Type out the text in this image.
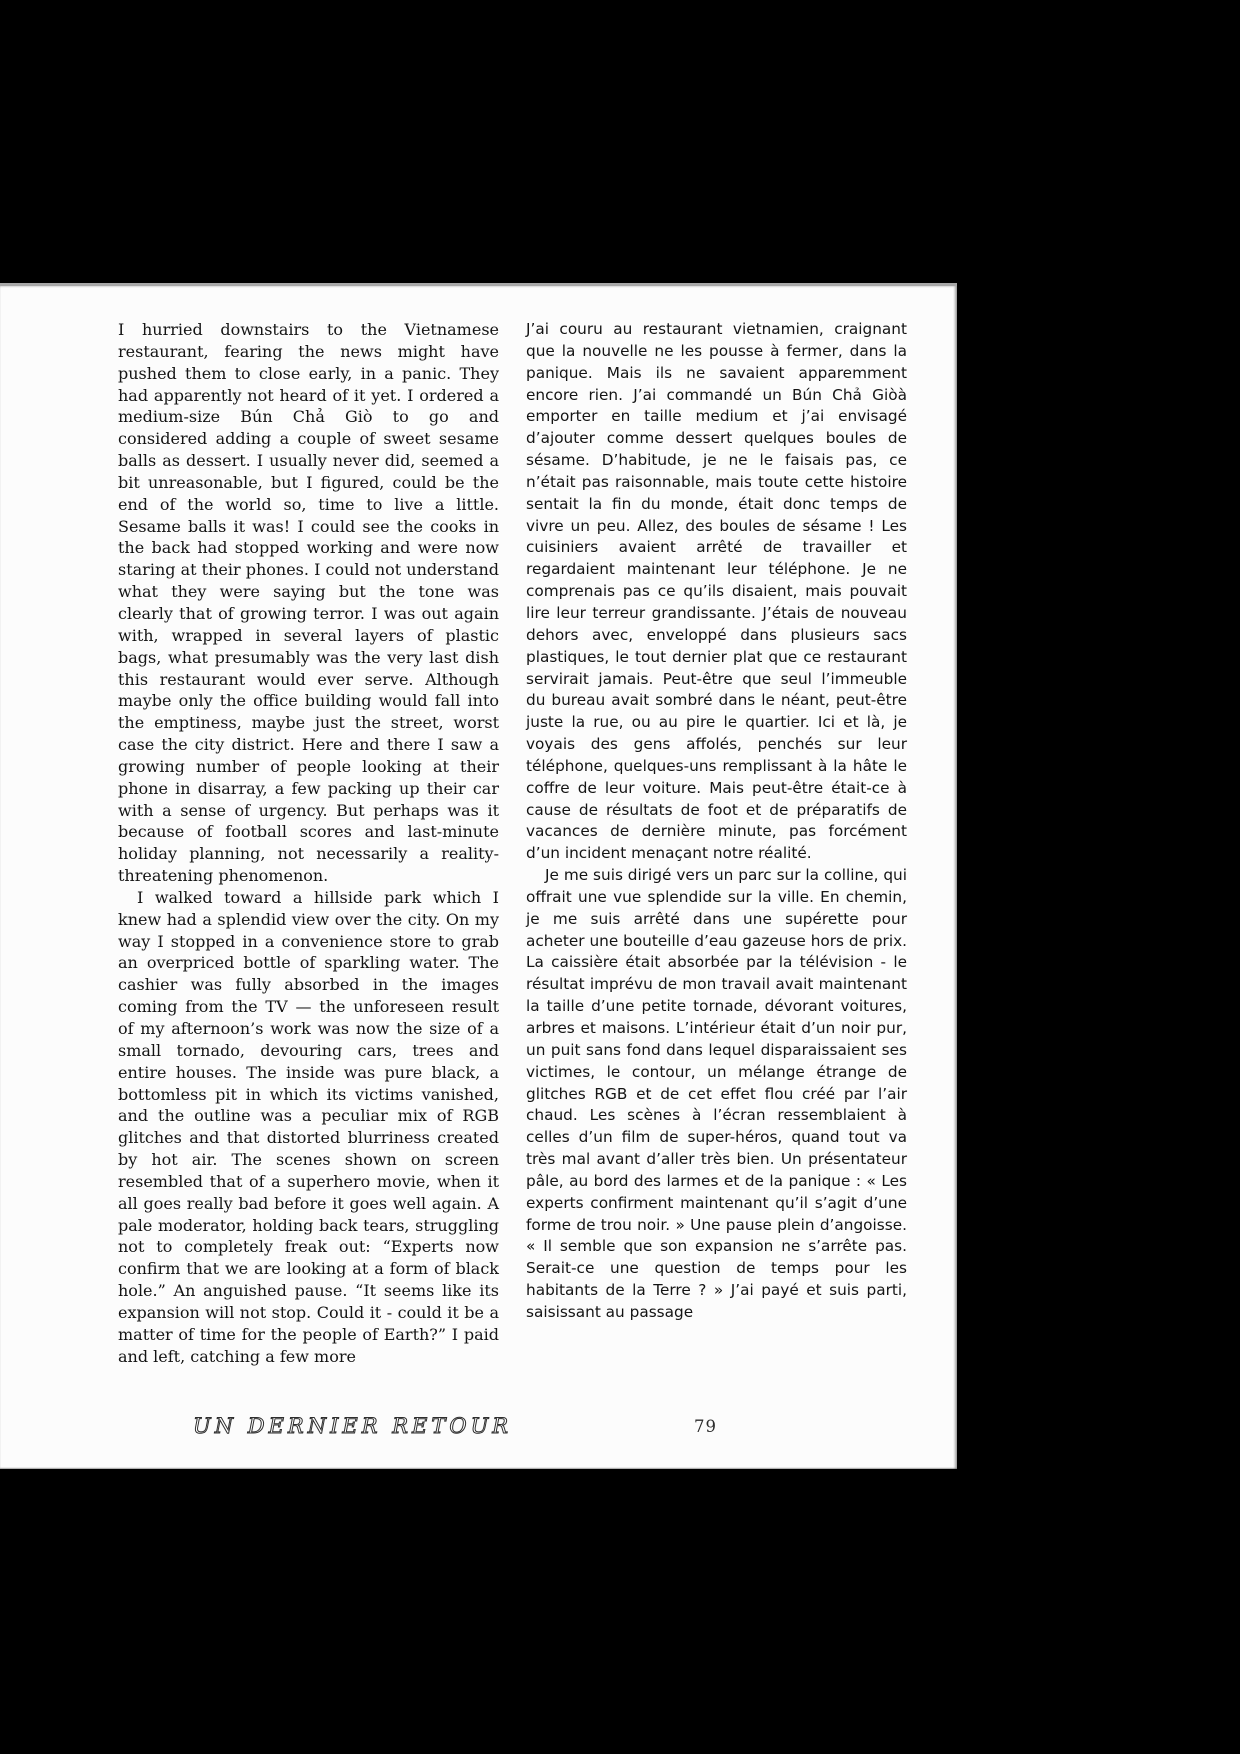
I hurried downstairs to the Vietnamese restaurant, fearing the news might have pushed them to close early, in a panic. They had apparently not heard of it yet. I ordered a medium-size Bún Chả Giò to go and considered adding a couple of sweet sesame balls as dessert. I usually never did, seemed a bit unreasonable, but I figured, could be the end of the world so, time to live a little. Sesame balls it was! I could see the cooks in the back had stopped working and were now staring at their phones. I could not understand what they were saying but the tone was clearly that of growing terror. I was out again with, wrapped in several layers of plastic bags, what presumably was the very last dish this restaurant would ever serve. Although maybe only the office building would fall into the emptiness, maybe just the street, worst case the city district. Here and there I saw a growing number of people looking at their phone in disarray, a few packing up their car with a sense of urgency. But perhaps was it because of football scores and last-minute holiday planning, not necessarily a reality-threatening phenomenon.

I walked toward a hillside park which I knew had a splendid view over the city. On my way I stopped in a convenience store to grab an overpriced bottle of sparkling water. The cashier was fully absorbed in the images coming from the TV — the unforeseen result of my afternoon’s work was now the size of a small tornado, devouring cars, trees and entire houses. The inside was pure black, a bottomless pit in which its victims vanished, and the outline was a peculiar mix of RGB glitches and that distorted blurriness created by hot air. The scenes shown on screen resembled that of a superhero movie, when it all goes really bad before it goes well again. A pale moderator, holding back tears, struggling not to completely freak out: “Experts now confirm that we are looking at a form of black hole.” An anguished pause. “It seems like its expansion will not stop. Could it - could it be a matter of time for the people of Earth?” I paid and left, catching a few more

J’ai couru au restaurant vietnamien, craignant que la nouvelle ne les pousse à fermer, dans la panique. Mais ils ne savaient apparemment encore rien. J’ai commandé un Bún Chả Giòà emporter en taille medium et j’ai envisagé d’ajouter comme dessert quelques boules de sésame. D’habitude, je ne le faisais pas, ce n’était pas raisonnable, mais toute cette histoire sentait la fin du monde, était donc temps de vivre un peu. Allez, des boules de sésame ! Les cuisiniers avaient arrêté de travailler et regardaient maintenant leur téléphone. Je ne comprenais pas ce qu’ils disaient, mais pouvait lire leur terreur grandissante. J’étais de nouveau dehors avec, enveloppé dans plusieurs sacs plastiques, le tout dernier plat que ce restaurant servirait jamais. Peut-être que seul l’immeuble du bureau avait sombré dans le néant, peut-être juste la rue, ou au pire le quartier. Ici et là, je voyais des gens affolés, penchés sur leur téléphone, quelques-uns remplissant à la hâte le coffre de leur voiture. Mais peut-être était-ce à cause de résultats de foot et de préparatifs de vacances de dernière minute, pas forcément d’un incident menaçant notre réalité.

Je me suis dirigé vers un parc sur la colline, qui offrait une vue splendide sur la ville. En chemin, je me suis arrêté dans une supérette pour acheter une bouteille d’eau gazeuse hors de prix. La caissière était absorbée par la télévision - le résultat imprévu de mon travail avait maintenant la taille d’une petite tornade, dévorant voitures, arbres et maisons. L’intérieur était d’un noir pur, un puit sans fond dans lequel disparaissaient ses victimes, le contour, un mélange étrange de glitches RGB et de cet effet flou créé par l’air chaud. Les scènes à l’écran ressemblaient à celles d’un film de super-héros, quand tout va très mal avant d’aller très bien. Un présentateur pâle, au bord des larmes et de la panique : « Les experts confirment maintenant qu’il s’agit d’une forme de trou noir. » Une pause plein d’angoisse. « Il semble que son expansion ne s’arrête pas. Serait-ce une question de temps pour les habitants de la Terre ? » J’ai payé et suis parti, saisissant au passage

UN DERNIER RETOUR	79
